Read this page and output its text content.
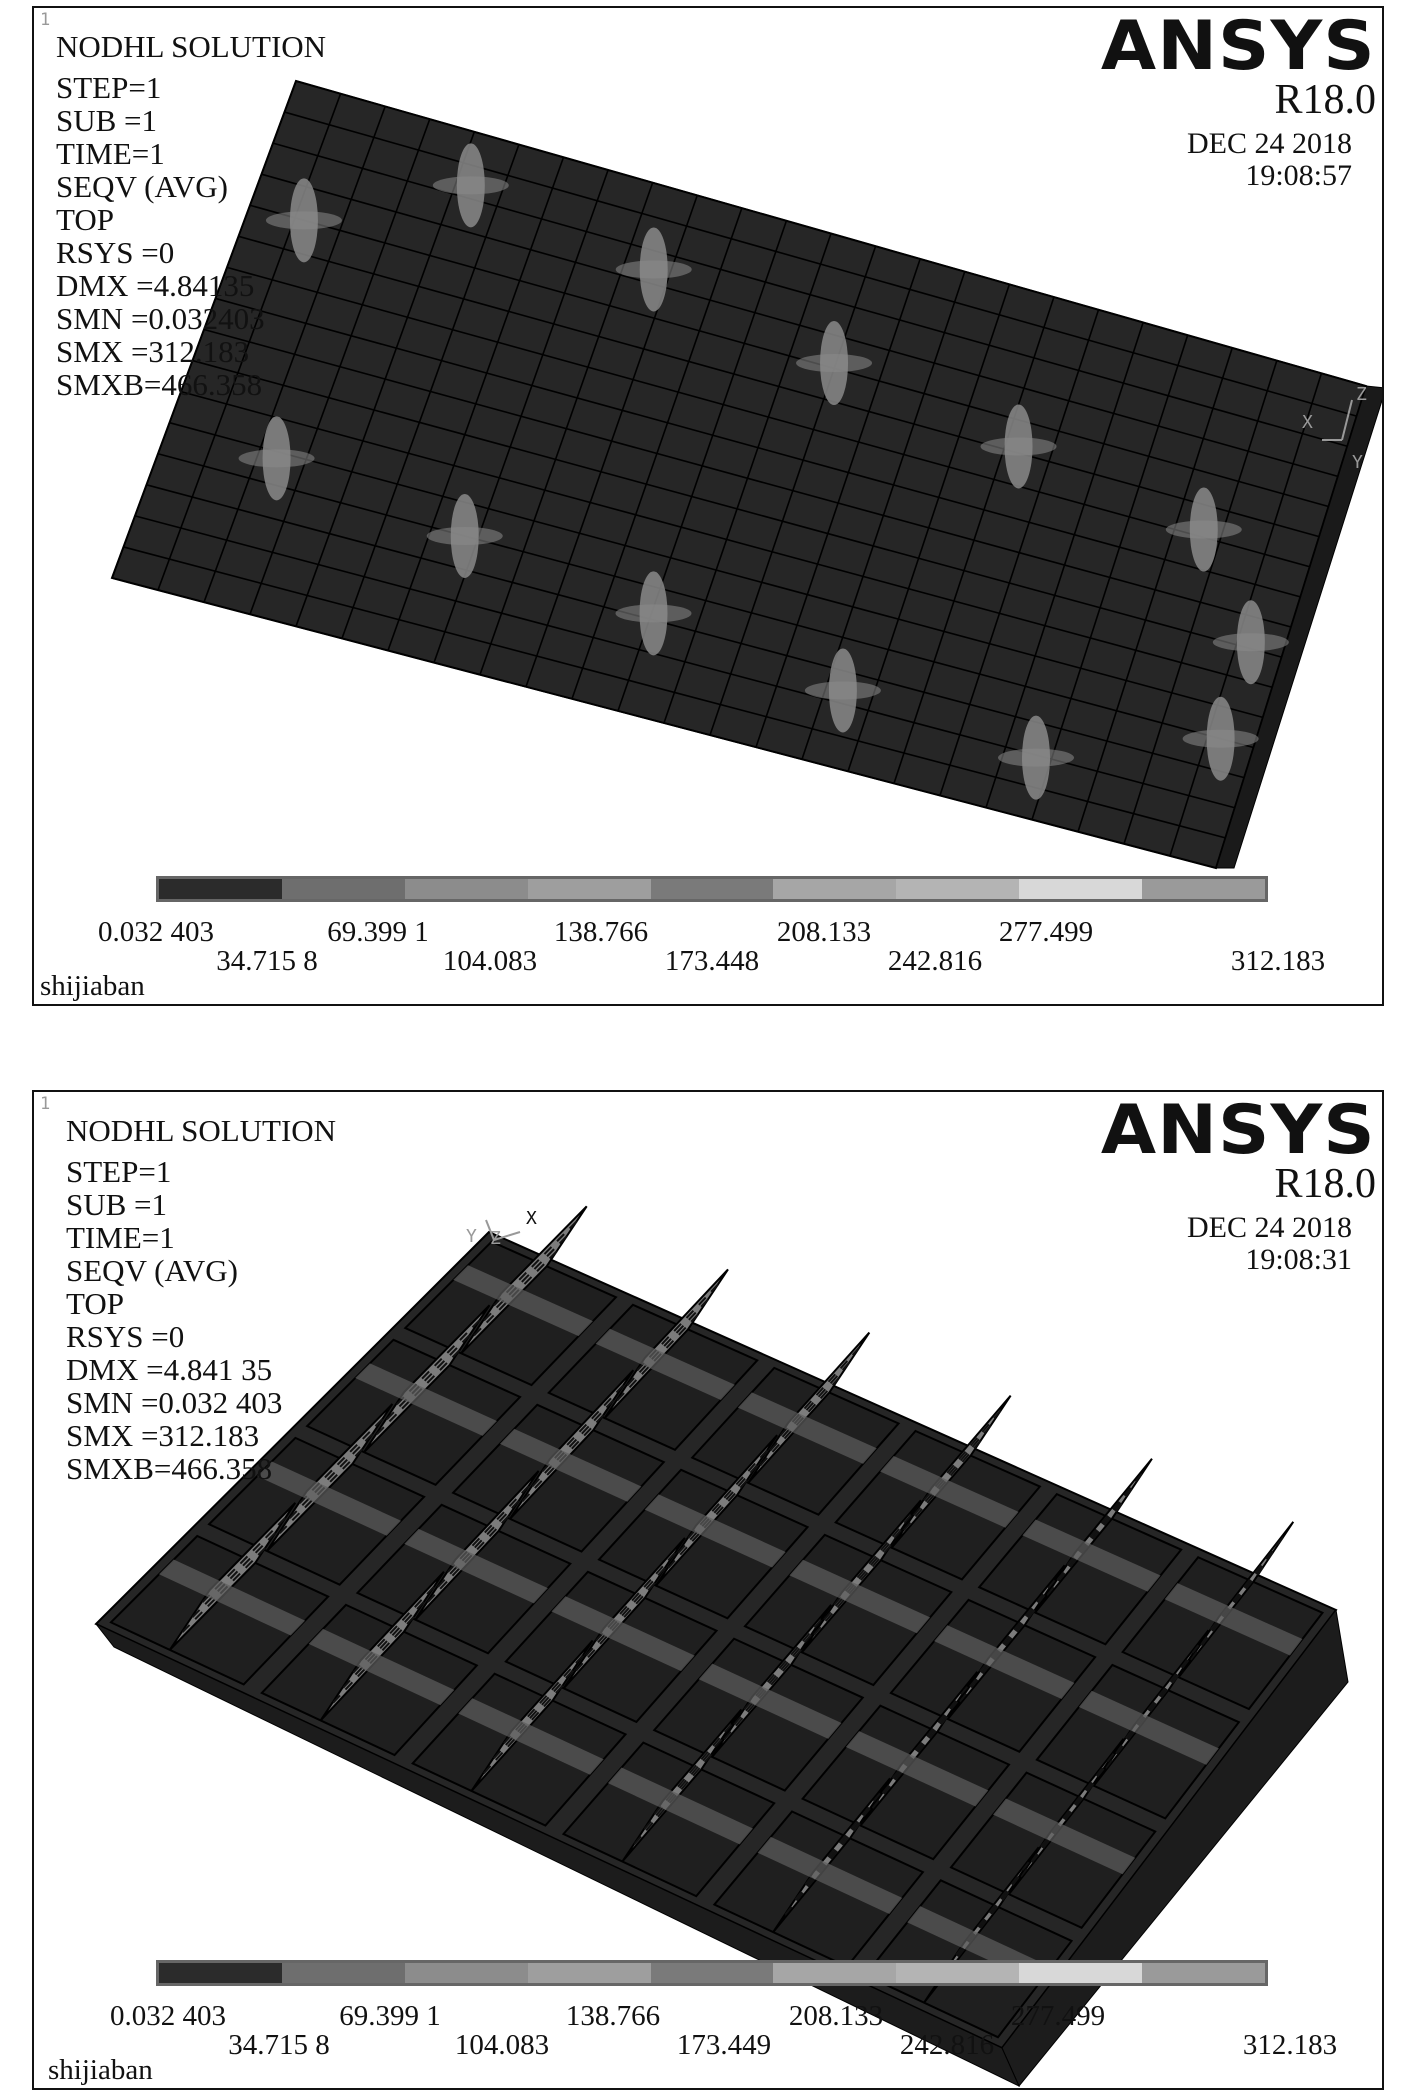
X
Y
Z
1
NODHL SOLUTION
STEP=1
SUB =1
TIME=1
SEQV (AVG)
TOP
RSYS =0
DMX =4.84135
SMN =0.032403
SMX =312.183
SMXB=466.358
ANSYS
R18.0
DEC 24 2018
19:08:57
0.032 403	69.399 1	138.766	208.133	277.499
34.715 8	104.083	173.448	242.816	312.183
shijiaban
X
Y Z
1
NODHL SOLUTION
STEP=1
SUB =1
TIME=1
SEQV (AVG)
TOP
RSYS =0
DMX =4.841 35
SMN =0.032 403
SMX =312.183
SMXB=466.358
ANSYS
R18.0
DEC 24 2018
19:08:31
0.032 403	69.399 1	138.766	208.133	277.499
34.715 8	104.083	173.449	242.816	312.183
shijiaban
